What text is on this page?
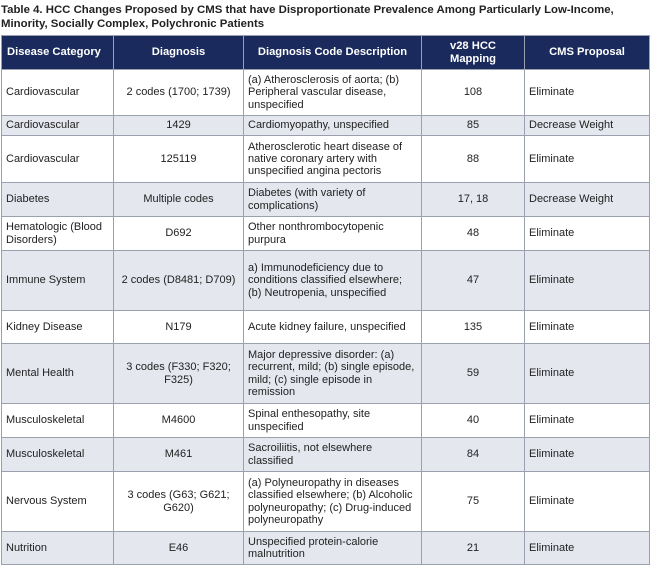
Table 4. HCC Changes Proposed by CMS that have Disproportionate Prevalence Among Particularly Low-Income, Minority, Socially Complex, Polychronic Patients
Disease Category	Diagnosis	Diagnosis Code Description	v28 HCC Mapping	CMS Proposal
Cardiovascular	2 codes (1700; 1739)	(a) Atherosclerosis of aorta; (b) Peripheral vascular disease, unspecified	108	Eliminate
Cardiovascular	1429	Cardiomyopathy, unspecified	85	Decrease Weight
Cardiovascular	125119	Atherosclerotic heart disease of native coronary artery with unspecified angina pectoris	88	Eliminate
Diabetes	Multiple codes	Diabetes (with variety of complications)	17, 18	Decrease Weight
Hematologic (Blood Disorders)	D692	Other nonthrombocytopenic purpura	48	Eliminate
Immune System	2 codes (D8481; D709)	a) Immunodeficiency due to conditions classified elsewhere; (b) Neutropenia, unspecified	47	Eliminate
Kidney Disease	N179	Acute kidney failure, unspecified	135	Eliminate
Mental Health	3 codes (F330; F320; F325)	Major depressive disorder: (a) recurrent, mild; (b) single episode, mild; (c) single episode in remission	59	Eliminate
Musculoskeletal	M4600	Spinal enthesopathy, site unspecified	40	Eliminate
Musculoskeletal	M461	Sacroiliitis, not elsewhere classified	84	Eliminate
Nervous System	3 codes (G63; G621; G620)	(a) Polyneuropathy in diseases classified elsewhere; (b) Alcoholic polyneuropathy; (c) Drug-induced polyneuropathy	75	Eliminate
Nutrition	E46	Unspecified protein-calorie malnutrition	21	Eliminate
